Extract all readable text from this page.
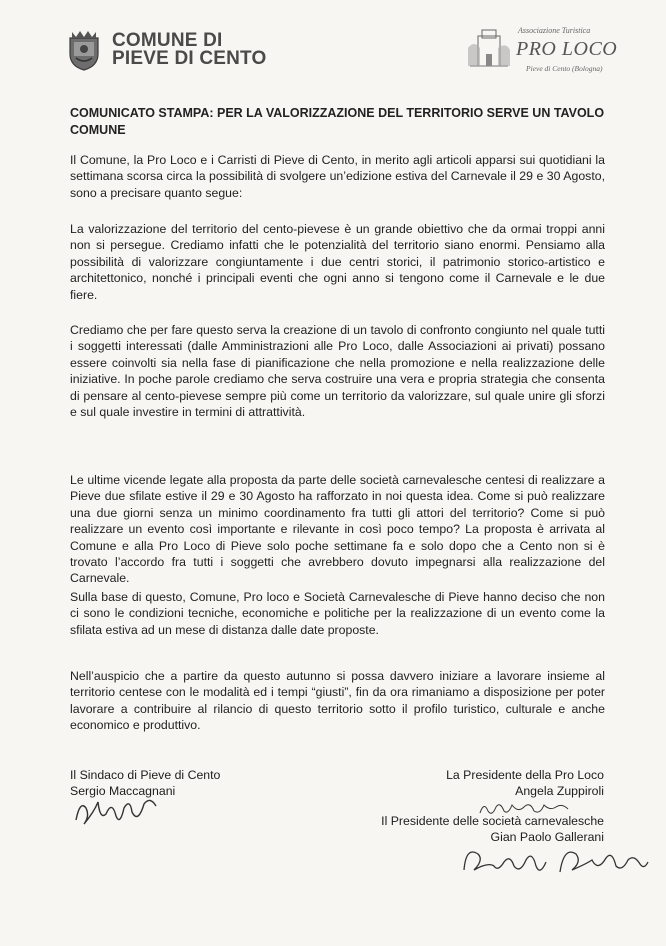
COMUNE DI
PIEVE DI CENTO
Associazione Turistica
PRO LOCO
Pieve di Cento (Bologna)
COMUNICATO STAMPA: PER LA VALORIZZAZIONE DEL TERRITORIO SERVE UN TAVOLO COMUNE
Il Comune, la Pro Loco e i Carristi di Pieve di Cento, in merito agli articoli apparsi sui quotidiani la settimana scorsa circa la possibilità di svolgere un’edizione estiva del Carnevale il 29 e 30 Agosto, sono a precisare quanto segue:
La valorizzazione del territorio del cento-pievese è un grande obiettivo che da ormai troppi anni non si persegue. Crediamo infatti che le potenzialità del territorio siano enormi. Pensiamo alla possibilità di valorizzare congiuntamente i due centri storici, il patrimonio storico-artistico e architettonico, nonché i principali eventi che ogni anno si tengono come il Carnevale e le due fiere.
Crediamo che per fare questo serva la creazione di un tavolo di confronto congiunto nel quale tutti i soggetti interessati (dalle Amministrazioni alle Pro Loco, dalle Associazioni ai privati) possano essere coinvolti sia nella fase di pianificazione che nella promozione e nella realizzazione delle iniziative. In poche parole crediamo che serva costruire una vera e propria strategia che consenta di pensare al cento-pievese sempre più come un territorio da valorizzare, sul quale unire gli sforzi e sul quale investire in termini di attrattività.
Le ultime vicende legate alla proposta da parte delle società carnevalesche centesi di realizzare a Pieve due sfilate estive il 29 e 30 Agosto ha rafforzato in noi questa idea. Come si può realizzare una due giorni senza un minimo coordinamento fra tutti gli attori del territorio? Come si può realizzare un evento così importante e rilevante in così poco tempo? La proposta è arrivata al Comune e alla Pro Loco di Pieve solo poche settimane fa e solo dopo che a Cento non si è trovato l’accordo fra tutti i soggetti che avrebbero dovuto impegnarsi alla realizzazione del Carnevale.
Sulla base di questo, Comune, Pro loco e Società Carnevalesche di Pieve hanno deciso che non ci sono le condizioni tecniche, economiche e politiche per la realizzazione di un evento come la sfilata estiva ad un mese di distanza dalle date proposte.
Nell’auspicio che a partire da questo autunno si possa davvero iniziare a lavorare insieme al territorio centese con le modalità ed i tempi “giusti”, fin da ora rimaniamo a disposizione per poter lavorare a contribuire al rilancio di questo territorio sotto il profilo turistico, culturale e anche economico e produttivo.
Il Sindaco di Pieve di Cento
Sergio Maccagnani
La Presidente della Pro Loco
Angela Zuppiroli
Il Presidente delle società carnevalesche
Gian Paolo Gallerani
